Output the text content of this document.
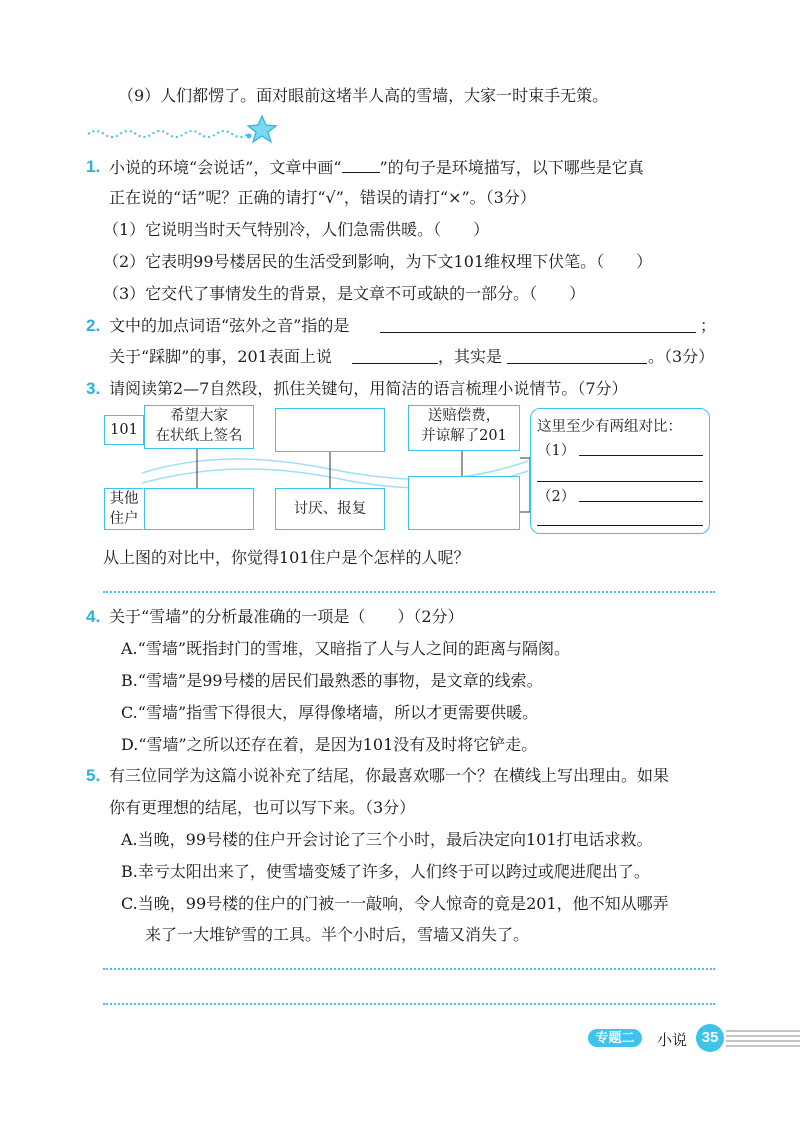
（9）人们都愣了。面对眼前这堵半人高的雪墙，大家一时束手无策。
1. 小说的环境“会说话”，文章中画“ ”的句子是环境描写，以下哪些是它真
正在说的“话”呢？正确的请打“√”，错误的请打“×”。（3分）
（1）它说明当时天气特别冷，人们急需供暖。（　　）
（2）它表明99号楼居民的生活受到影响，为下文101维权埋下伏笔。（　　）
（3）它交代了事情发生的背景，是文章不可或缺的一部分。（　　）
2. 文中的加点词语“弦外之音”指的是	；
关于“踩脚”的事，201表面上说	，其实是	。（3分）
3. 请阅读第2—7自然段，抓住关键句，用简洁的语言梳理小说情节。（7分）
101
希望大家
在状纸上签名
送赔偿费，
并谅解了201
其他
住户
讨厌、报复
这里至少有两组对比：
（1）
（2）
从上图的对比中，你觉得101住户是个怎样的人呢？
4. 关于“雪墙”的分析最准确的一项是（　　）（2分）
A.“雪墙”既指封门的雪堆，又暗指了人与人之间的距离与隔阂。
B.“雪墙”是99号楼的居民们最熟悉的事物，是文章的线索。
C.“雪墙”指雪下得很大，厚得像堵墙，所以才更需要供暖。
D.“雪墙”之所以还存在着，是因为101没有及时将它铲走。
5. 有三位同学为这篇小说补充了结尾，你最喜欢哪一个？在横线上写出理由。如果
你有更理想的结尾，也可以写下来。（3分）
A.当晚，99号楼的住户开会讨论了三个小时，最后决定向101打电话求救。
B.幸亏太阳出来了，使雪墙变矮了许多，人们终于可以跨过或爬进爬出了。
C.当晚，99号楼的住户的门被一一敲响，令人惊奇的竟是201，他不知从哪弄
来了一大堆铲雪的工具。半个小时后，雪墙又消失了。
专题二	小说 35
